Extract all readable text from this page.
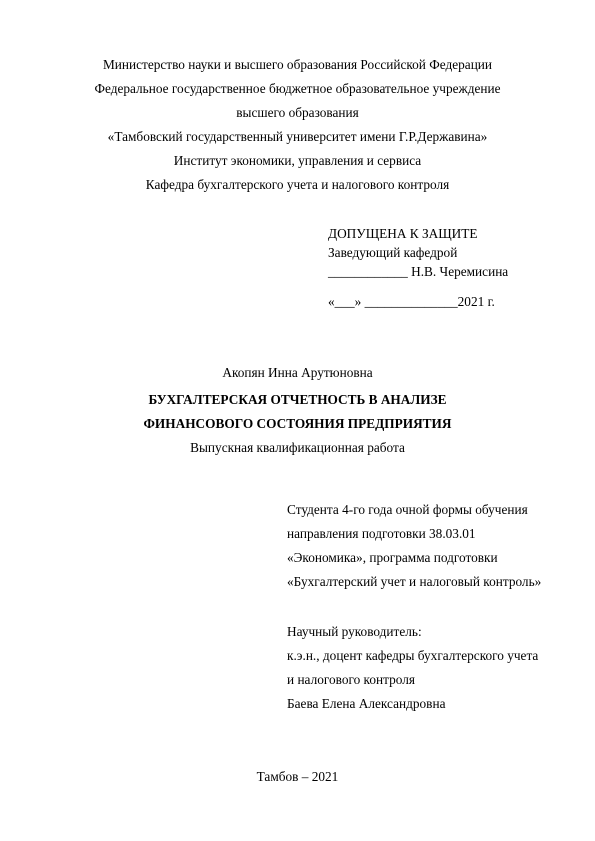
Министерство науки и высшего образования Российской Федерации
Федеральное государственное бюджетное образовательное учреждение
высшего образования
«Тамбовский государственный университет имени Г.Р.Державина»
Институт экономики, управления и сервиса
Кафедра бухгалтерского учета и налогового контроля
ДОПУЩЕНА К ЗАЩИТЕ
Заведующий кафедрой
____________ Н.В. Черемисина
«___» ______________2021 г.
Акопян Инна Арутюновна
БУХГАЛТЕРСКАЯ ОТЧЕТНОСТЬ В АНАЛИЗЕ
ФИНАНСОВОГО СОСТОЯНИЯ ПРЕДПРИЯТИЯ
Выпускная квалификационная работа
Студента 4-го года очной формы обучения
направления подготовки 38.03.01
«Экономика», программа подготовки
«Бухгалтерский учет и налоговый контроль»
Научный руководитель:
к.э.н., доцент кафедры бухгалтерского учета
и налогового контроля
Баева Елена Александровна
Тамбов – 2021
